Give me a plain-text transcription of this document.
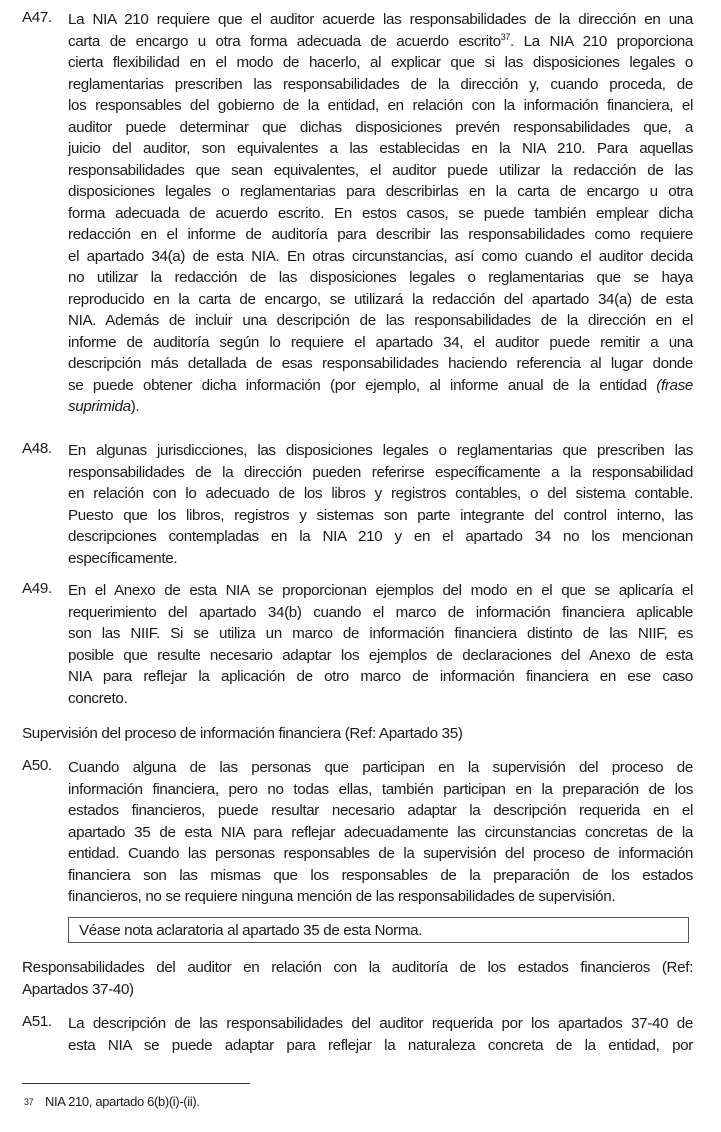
A47. La NIA 210 requiere que el auditor acuerde las responsabilidades de la dirección en una
carta de encargo u otra forma adecuada de acuerdo escrito$^{37}$. La NIA 210 proporciona
cierta flexibilidad en el modo de hacerlo, al explicar que si las disposiciones legales o
reglamentarias prescriben las responsabilidades de la dirección y, cuando proceda, de
los responsables del gobierno de la entidad, en relación con la información financiera, el
auditor puede determinar que dichas disposiciones prevén responsabilidades que, a
juicio del auditor, son equivalentes a las establecidas en la NIA 210. Para aquellas
responsabilidades que sean equivalentes, el auditor puede utilizar la redacción de las
disposiciones legales o reglamentarias para describirlas en la carta de encargo u otra
forma adecuada de acuerdo escrito. En estos casos, se puede también emplear dicha
redacción en el informe de auditoría para describir las responsabilidades como requiere
el apartado 34(a) de esta NIA. En otras circunstancias, así como cuando el auditor decida
no utilizar la redacción de las disposiciones legales o reglamentarias que se haya
reproducido en la carta de encargo, se utilizará la redacción del apartado 34(a) de esta
NIA. Además de incluir una descripción de las responsabilidades de la dirección en el
informe de auditoría según lo requiere el apartado 34, el auditor puede remitir a una
descripción más detallada de esas responsabilidades haciendo referencia al lugar donde
se puede obtener dicha información (por ejemplo, al informe anual de la entidad (frase
suprimida).
A48. En algunas jurisdicciones, las disposiciones legales o reglamentarias que prescriben las
responsabilidades de la dirección pueden referirse específicamente a la responsabilidad
en relación con lo adecuado de los libros y registros contables, o del sistema contable.
Puesto que los libros, registros y sistemas son parte integrante del control interno, las
descripciones contempladas en la NIA 210 y en el apartado 34 no los mencionan
específicamente.
A49. En el Anexo de esta NIA se proporcionan ejemplos del modo en el que se aplicaría el
requerimiento del apartado 34(b) cuando el marco de información financiera aplicable
son las NIIF. Si se utiliza un marco de información financiera distinto de las NIIF, es
posible que resulte necesario adaptar los ejemplos de declaraciones del Anexo de esta
NIA para reflejar la aplicación de otro marco de información financiera en ese caso
concreto.
Supervisión del proceso de información financiera (Ref: Apartado 35)
A50. Cuando alguna de las personas que participan en la supervisión del proceso de
información financiera, pero no todas ellas, también participan en la preparación de los
estados financieros, puede resultar necesario adaptar la descripción requerida en el
apartado 35 de esta NIA para reflejar adecuadamente las circunstancias concretas de la
entidad. Cuando las personas responsables de la supervisión del proceso de información
financiera son las mismas que los responsables de la preparación de los estados
financieros, no se requiere ninguna mención de las responsabilidades de supervisión.
Véase nota aclaratoria al apartado 35 de esta Norma.
Responsabilidades del auditor en relación con la auditoría de los estados financieros (Ref:
Apartados 37-40)
A51. La descripción de las responsabilidades del auditor requerida por los apartados 37-40 de
esta NIA se puede adaptar para reflejar la naturaleza concreta de la entidad, por
37 NIA 210, apartado 6(b)(i)-(ii).
